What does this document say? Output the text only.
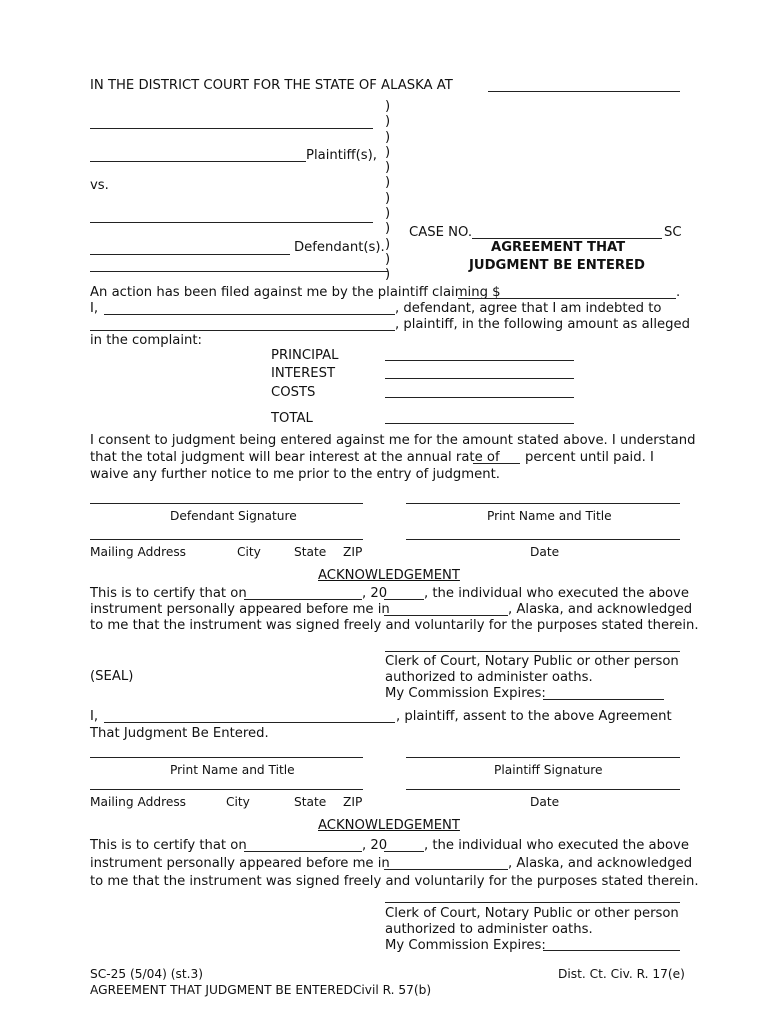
IN THE DISTRICT COURT FOR THE STATE OF ALASKA AT
)
)
)
)
)
)
)
)
)
)
)
)
Plaintiff(s),
vs.
Defendant(s).
CASE NO.	SC
AGREEMENT THAT
JUDGMENT BE ENTERED
An action has been filed against me by the plaintiff claiming $	.
I,	, defendant, agree that I am indebted to
, plaintiff, in the following amount as alleged
in the complaint:
PRINCIPAL
INTEREST
COSTS
TOTAL
I consent to judgment being entered against me for the amount stated above. I understand
that the total judgment will bear interest at the annual rate of percent until paid. I
waive any further notice to me prior to the entry of judgment.
Defendant Signature	Print Name and Title
Mailing Address	City	State ZIP	Date
ACKNOWLEDGEMENT
This is to certify that on	, 20	, the individual who executed the above
instrument personally appeared before me in	, Alaska, and acknowledged
to me that the instrument was signed freely and voluntarily for the purposes stated therein.
Clerk of Court, Notary Public or other person
(SEAL)	authorized to administer oaths.
My Commission Expires:
I,	, plaintiff, assent to the above Agreement
That Judgment Be Entered.
Print Name and Title	Plaintiff Signature
Mailing Address	City	State ZIP	Date
ACKNOWLEDGEMENT
This is to certify that on	, 20	, the individual who executed the above
instrument personally appeared before me in	, Alaska, and acknowledged
to me that the instrument was signed freely and voluntarily for the purposes stated therein.
Clerk of Court, Notary Public or other person
authorized to administer oaths.
My Commission Expires:
SC-25 (5/04) (st.3)	Dist. Ct. Civ. R. 17(e)
AGREEMENT THAT JUDGMENT BE ENTEREDCivil R. 57(b)
